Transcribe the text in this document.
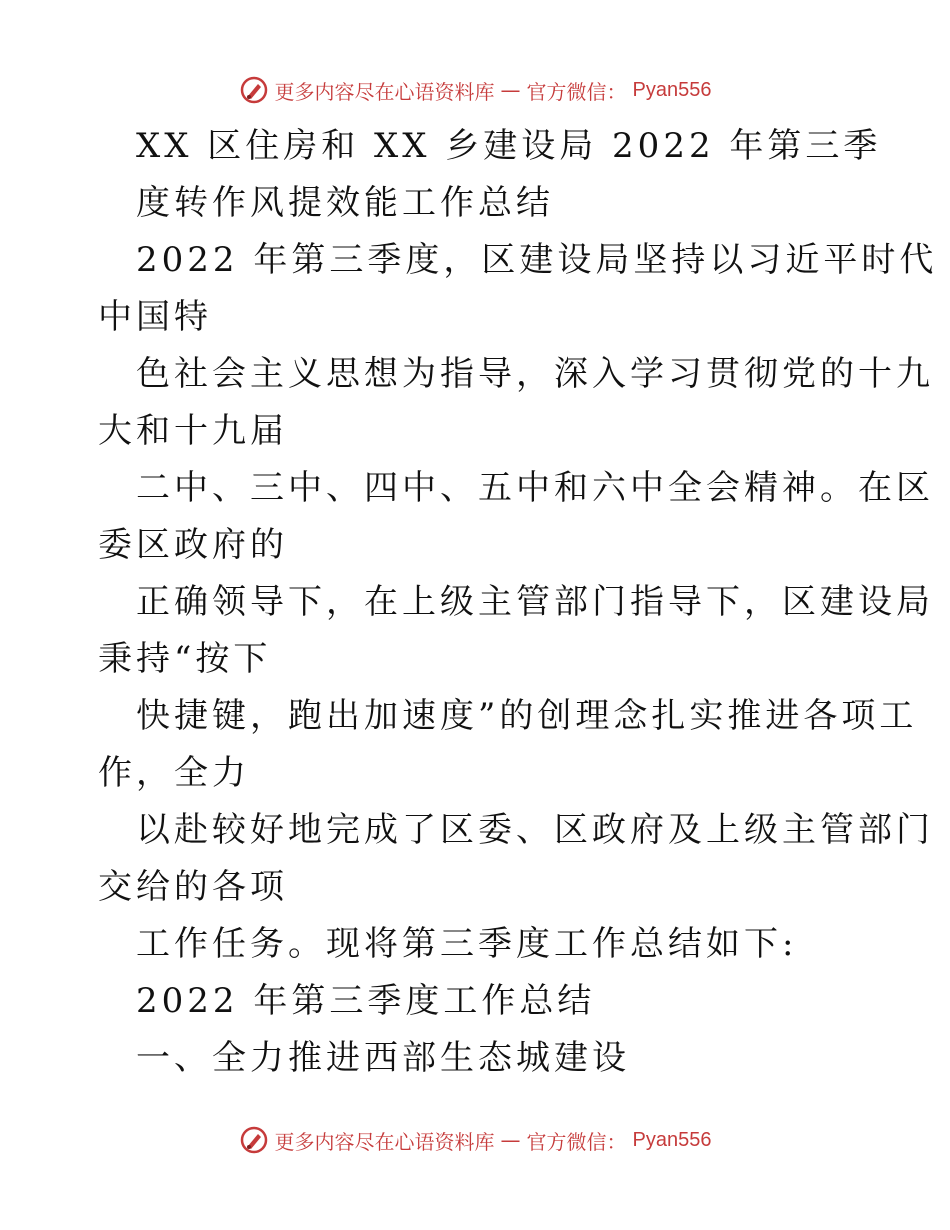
更多内容尽在心语资料库 — 官方微信： Pyan556
XX 区住房和 XX 乡建设局 2022 年第三季
度转作风提效能工作总结
2022 年第三季度，区建设局坚持以习近平时代
中国特
色社会主义思想为指导，深入学习贯彻党的十九
大和十九届
二中、三中、四中、五中和六中全会精神。在区
委区政府的
正确领导下，在上级主管部门指导下，区建设局
秉持“按下
快捷键，跑出加速度”的创理念扎实推进各项工
作，全力
以赴较好地完成了区委、区政府及上级主管部门
交给的各项
工作任务。现将第三季度工作总结如下:
2022 年第三季度工作总结
一、全力推进西部生态城建设
更多内容尽在心语资料库 — 官方微信： Pyan556
